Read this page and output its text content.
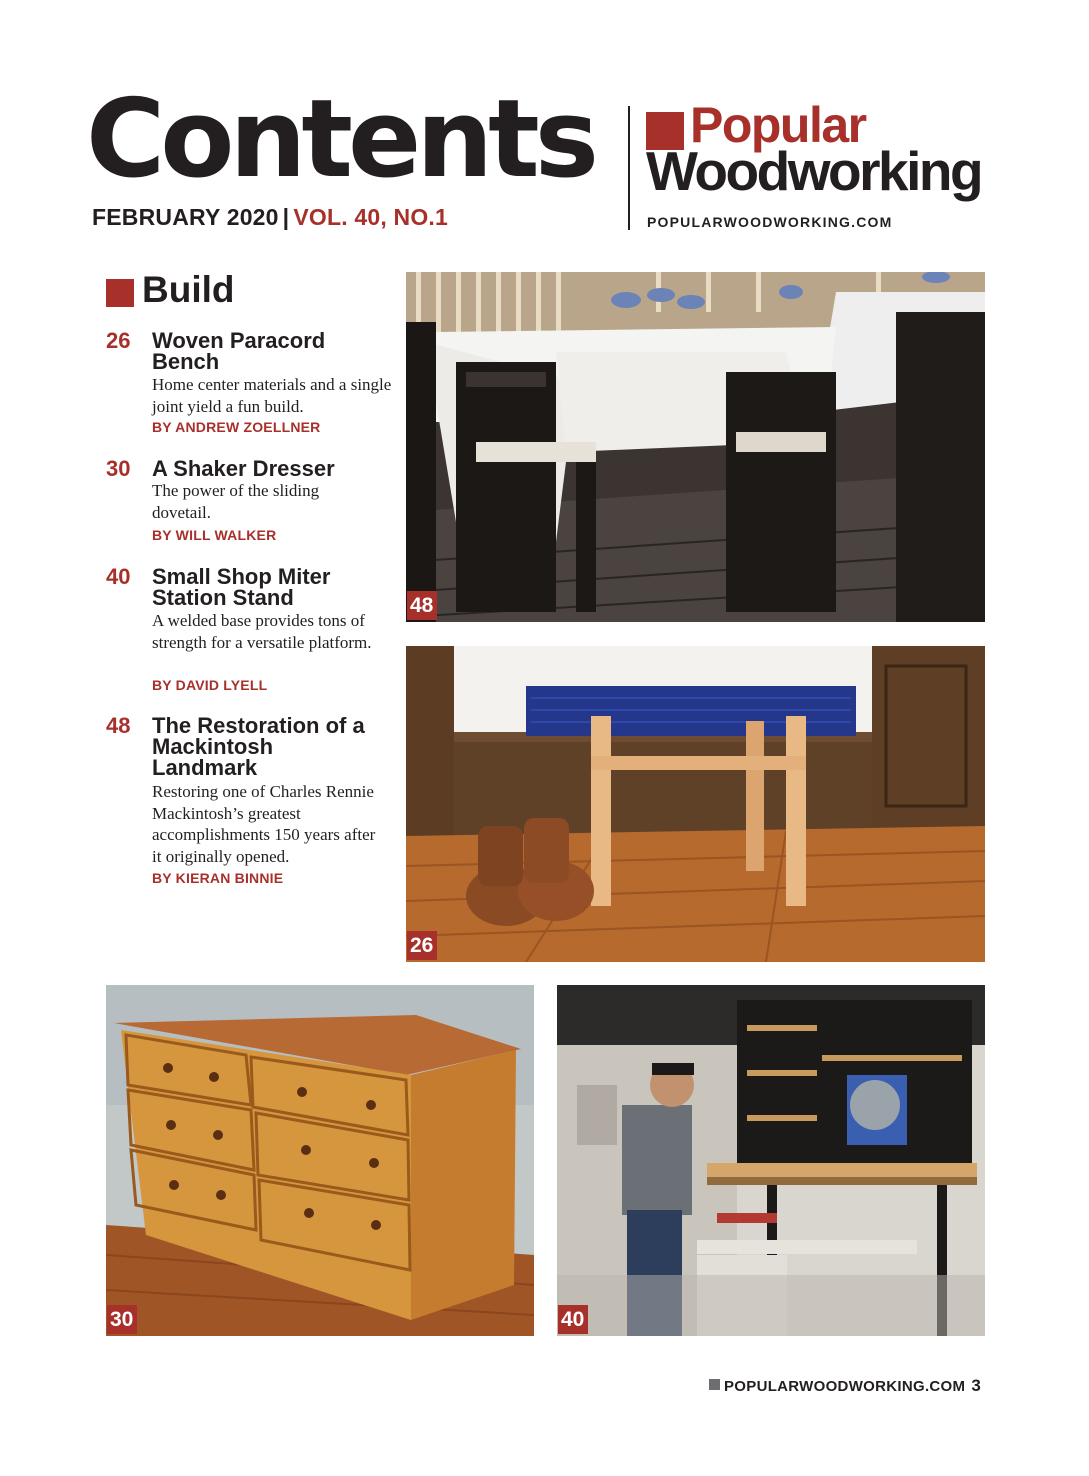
Contents
FEBRUARY 2020 | VOL. 40, NO.1
Popular
Woodworking
POPULARWOODWORKING.COM
Build
26 Woven Paracord Bench
Home center materials and a single joint yield a fun build.
BY ANDREW ZOELLNER
30 A Shaker Dresser
The power of the sliding dovetail.
BY WILL WALKER
40 Small Shop Miter Station Stand
A welded base provides tons of strength for a versatile platform.
BY DAVID LYELL
48 The Restoration of a Mackintosh Landmark
Restoring one of Charles Rennie Mackintosh’s greatest accomplishments 150 years after it originally opened.
BY KIERAN BINNIE
48
26
30	40
POPULARWOODWORKING.COM 3
